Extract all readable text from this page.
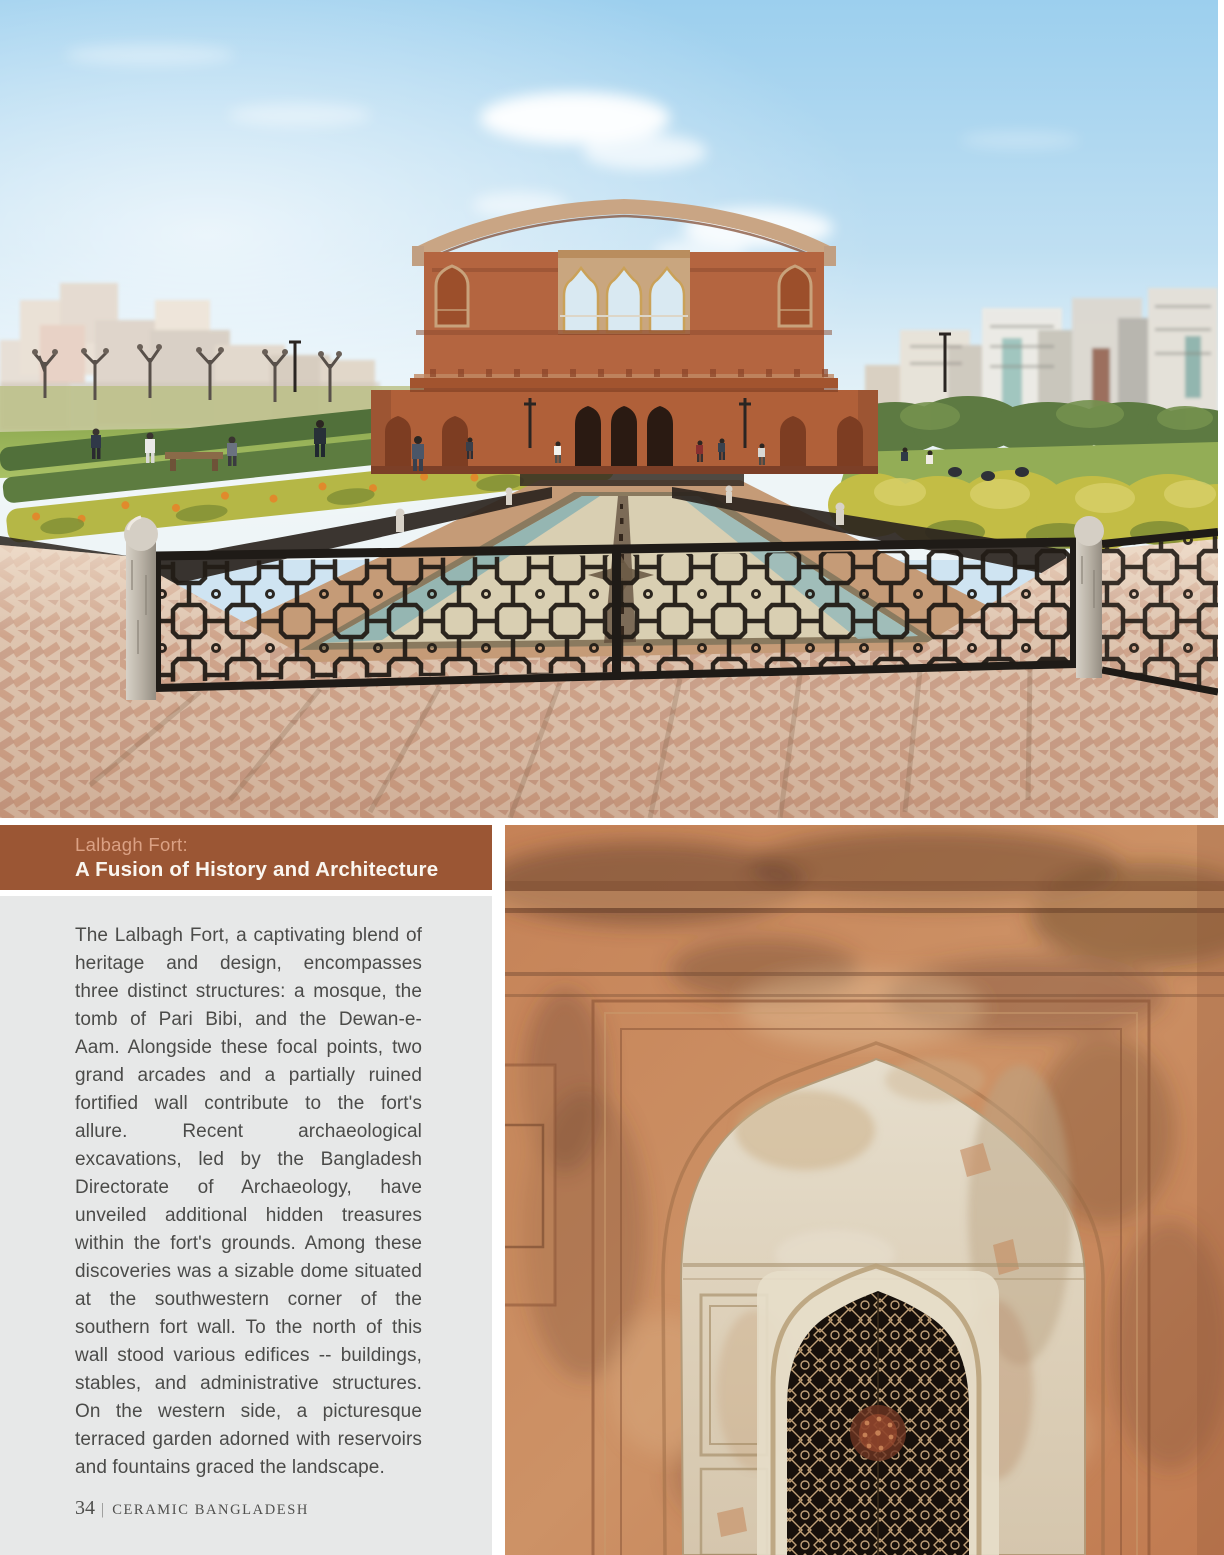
Lalbagh Fort:
A Fusion of History and Architecture

The Lalbagh Fort, a captivating blend of heritage and design, encompasses three distinct structures: a mosque, the tomb of Pari Bibi, and the Dewan-e-Aam. Alongside these focal points, two grand arcades and a partially ruined fortified wall contribute to the fort's allure. Recent archaeological excavations, led by the Bangladesh Directorate of Archaeology, have unveiled additional hidden treasures within the fort's grounds. Among these discoveries was a sizable dome situated at the southwestern corner of the southern fort wall. To the north of this wall stood various edifices -- buildings, stables, and administrative structures. On the western side, a picturesque terraced garden adorned with reservoirs and fountains graced the landscape.

34 | CERAMIC BANGLADESH
